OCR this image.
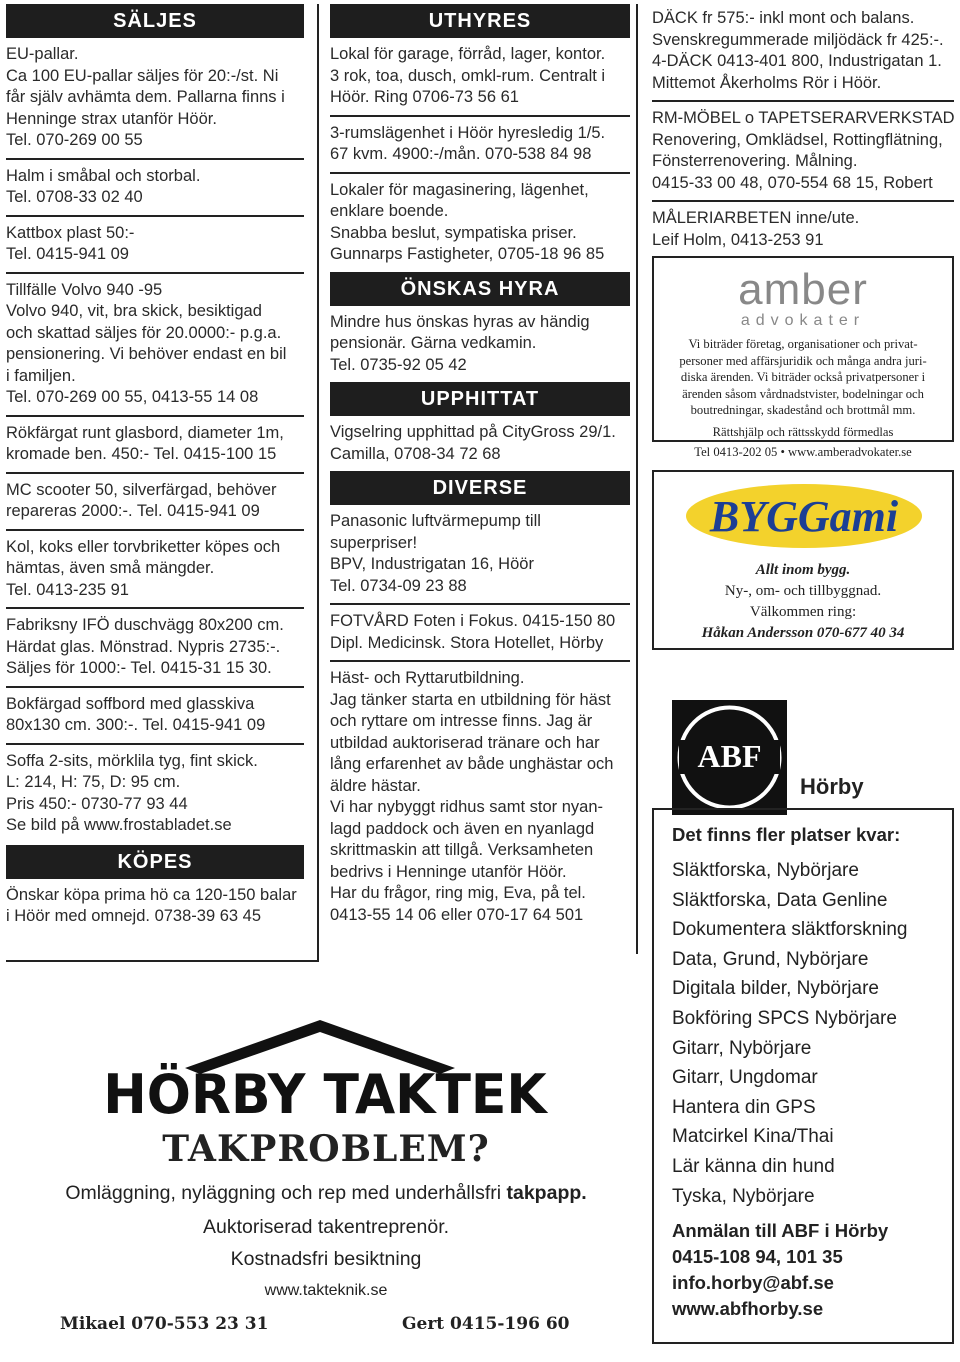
SÄLJES
EU-pallar.
Ca 100 EU-pallar säljes för 20:-/st. Ni
får själv avhämta dem. Pallarna finns i
Henninge strax utanför Höör.
Tel. 070-269 00 55
Halm i småbal och storbal.
Tel. 0708-33 02 40
Kattbox plast 50:-
Tel. 0415-941 09
Tillfälle Volvo 940 -95
Volvo 940, vit, bra skick, besiktigad
och skattad säljes för 20.0000:- p.g.a.
pensionering. Vi behöver endast en bil
i familjen.
Tel. 070-269 00 55, 0413-55 14 08
Rökfärgat runt glasbord, diameter 1m,
kromade ben. 450:- Tel. 0415-100 15
MC scooter 50, silverfärgad, behöver
repareras 2000:-. Tel. 0415-941 09
Kol, koks eller torvbriketter köpes och
hämtas, även små mängder.
Tel. 0413-235 91
Fabriksny IFÖ duschvägg 80x200 cm.
Härdat glas. Mönstrad. Nypris 2735:-.
Säljes för 1000:- Tel. 0415-31 15 30.
Bokfärgad soffbord med glasskiva
80x130 cm. 300:-. Tel. 0415-941 09
Soffa 2-sits, mörklila tyg, fint skick.
L: 214, H: 75, D: 95 cm.
Pris 450:- 0730-77 93 44
Se bild på www.frostabladet.se
KÖPES
Önskar köpa prima hö ca 120-150 balar
i Höör med omnejd. 0738-39 63 45
UTHYRES
Lokal för garage, förråd, lager, kontor.
3 rok, toa, dusch, omkl-rum. Centralt i
Höör. Ring 0706-73 56 61
3-rumslägenhet i Höör hyresledig 1/5.
67 kvm. 4900:-/mån. 070-538 84 98
Lokaler för magasinering, lägenhet,
enklare boende.
Snabba beslut, sympatiska priser.
Gunnarps Fastigheter, 0705-18 96 85
ÖNSKAS HYRA
Mindre hus önskas hyras av händig
pensionär. Gärna vedkamin.
Tel. 0735-92 05 42
UPPHITTAT
Vigselring upphittad på CityGross 29/1.
Camilla, 0708-34 72 68
DIVERSE
Panasonic luftvärmepump till
superpriser!
BPV, Industrigatan 16, Höör
Tel. 0734-09 23 88
FOTVÅRD Foten i Fokus. 0415-150 80
Dipl. Medicinsk. Stora Hotellet, Hörby
Häst- och Ryttarutbildning.
Jag tänker starta en utbildning för häst
och ryttare om intresse finns. Jag är
utbildad auktoriserad tränare och har
lång erfarenhet av både unghästar och
äldre hästar.
Vi har nybyggt ridhus samt stor nyan-
lagd paddock och även en nyanlagd
skrittmaskin att tillgå. Verksamheten
bedrivs i Henninge utanför Höör.
Har du frågor, ring mig, Eva, på tel.
0413-55 14 06 eller 070-17 64 501
DÄCK fr 575:- inkl mont och balans.
Svenskregummerade miljödäck fr 425:-.
4-DÄCK 0413-401 800, Industrigatan 1.
Mittemot Åkerholms Rör i Höör.
RM-MÖBEL o TAPETSERARVERKSTAD
Renovering, Omklädsel, Rottingflätning,
Fönsterrenovering. Målning.
0415-33 00 48, 070-554 68 15, Robert
MÅLERIARBETEN inne/ute.
Leif Holm, 0413-253 91
amber
advokater
Vi biträder företag, organisationer och privat-
personer med affärsjuridik och många andra juri-
diska ärenden. Vi biträder också privatpersoner i
ärenden såsom vårdnadstvister, bodelningar och
boutredningar, skadestånd och brottmål mm.
Rättshjälp och rättsskydd förmedlas
Tel 0413-202 05 • www.amberadvokater.se
BYGGami
Allt inom bygg.
Ny-, om- och tillbyggnad.
Välkommen ring:
Håkan Andersson 070-677 40 34
ABF
Hörby
Det finns fler platser kvar:
Släktforska, Nybörjare
Släktforska, Data Genline
Dokumentera släktforskning
Data, Grund, Nybörjare
Digitala bilder, Nybörjare
Bokföring SPCS Nybörjare
Gitarr, Nybörjare
Gitarr, Ungdomar
Hantera din GPS
Matcirkel Kina/Thai
Lär känna din hund
Tyska, Nybörjare
Anmälan till ABF i Hörby
0415-108 94, 101 35
info.horby@abf.se
www.abfhorby.se
HÖRBY TAKTEK
TAKPROBLEM?
Omläggning, nyläggning och rep med underhållsfri takpapp.
Auktoriserad takentreprenör.
Kostnadsfri besiktning
www.takteknik.se
Mikael 070-553 23 31	Gert 0415-196 60
